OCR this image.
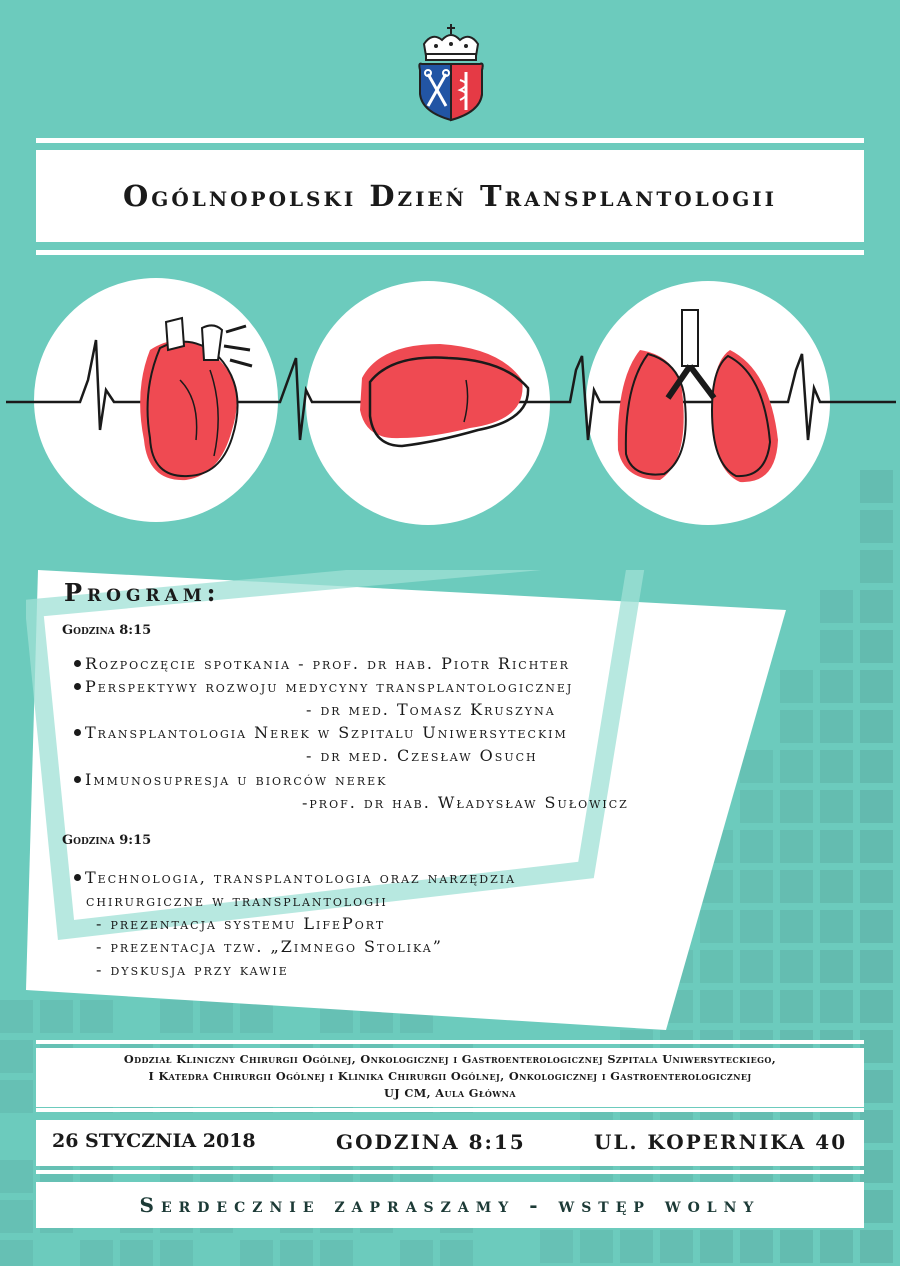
Ogólnopolski Dzień Transplantologii
Program:
Godzina 8:15
Rozpoczęcie spotkania - prof. dr hab. Piotr Richter
Perspektywy rozwoju medycyny transplantologicznej
- dr med. Tomasz Kruszyna
Transplantologia Nerek w Szpitalu Uniwersyteckim
- dr med. Czesław Osuch
Immunosupresja u biorców nerek
-prof. dr hab. Władysław Sułowicz
Godzina 9:15
Technologia, transplantologia oraz narzędzia
chirurgiczne w transplantologii
- prezentacja systemu LifePort
- prezentacja tzw. „Zimnego Stolika”
- dyskusja przy kawie
Oddział Kliniczny Chirurgii Ogólnej, Onkologicznej i Gastroenterologicznej Szpitala Uniwersyteckiego,
I Katedra Chirurgii Ogólnej i Klinika Chirurgii Ogólnej, Onkologicznej i Gastroenterologicznej
UJ CM, Aula Główna
26 STYCZNIA 2018	GODZINA 8:15	UL. KOPERNIKA 40
Serdecznie zapraszamy - wstęp wolny
